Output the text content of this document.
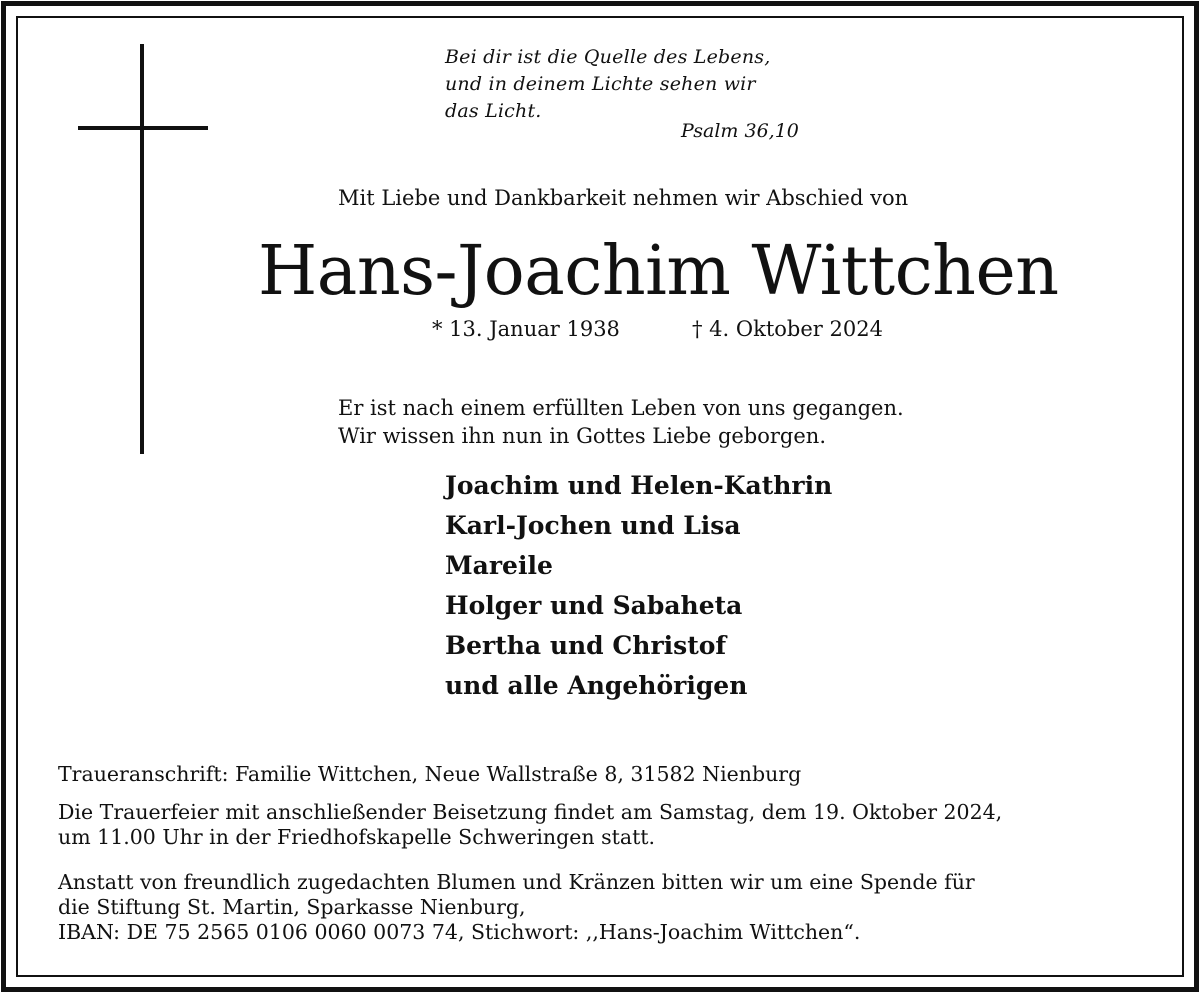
Bei dir ist die Quelle des Lebens,
und in deinem Lichte sehen wir
das Licht.
Psalm 36,10
Mit Liebe und Dankbarkeit nehmen wir Abschied von
Hans-Joachim Wittchen
* 13. Januar 1938	† 4. Oktober 2024
Er ist nach einem erfüllten Leben von uns gegangen.
Wir wissen ihn nun in Gottes Liebe geborgen.
Joachim und Helen-Kathrin
Karl-Jochen und Lisa
Mareile
Holger und Sabaheta
Bertha und Christof
und alle Angehörigen
Traueranschrift: Familie Wittchen, Neue Wallstraße 8, 31582 Nienburg
Die Trauerfeier mit anschließender Beisetzung findet am Samstag, dem 19. Oktober 2024,
um 11.00 Uhr in der Friedhofskapelle Schweringen statt.
Anstatt von freundlich zugedachten Blumen und Kränzen bitten wir um eine Spende für
die Stiftung St. Martin, Sparkasse Nienburg,
IBAN: DE 75 2565 0106 0060 0073 74, Stichwort: ,,Hans-Joachim Wittchen“.
